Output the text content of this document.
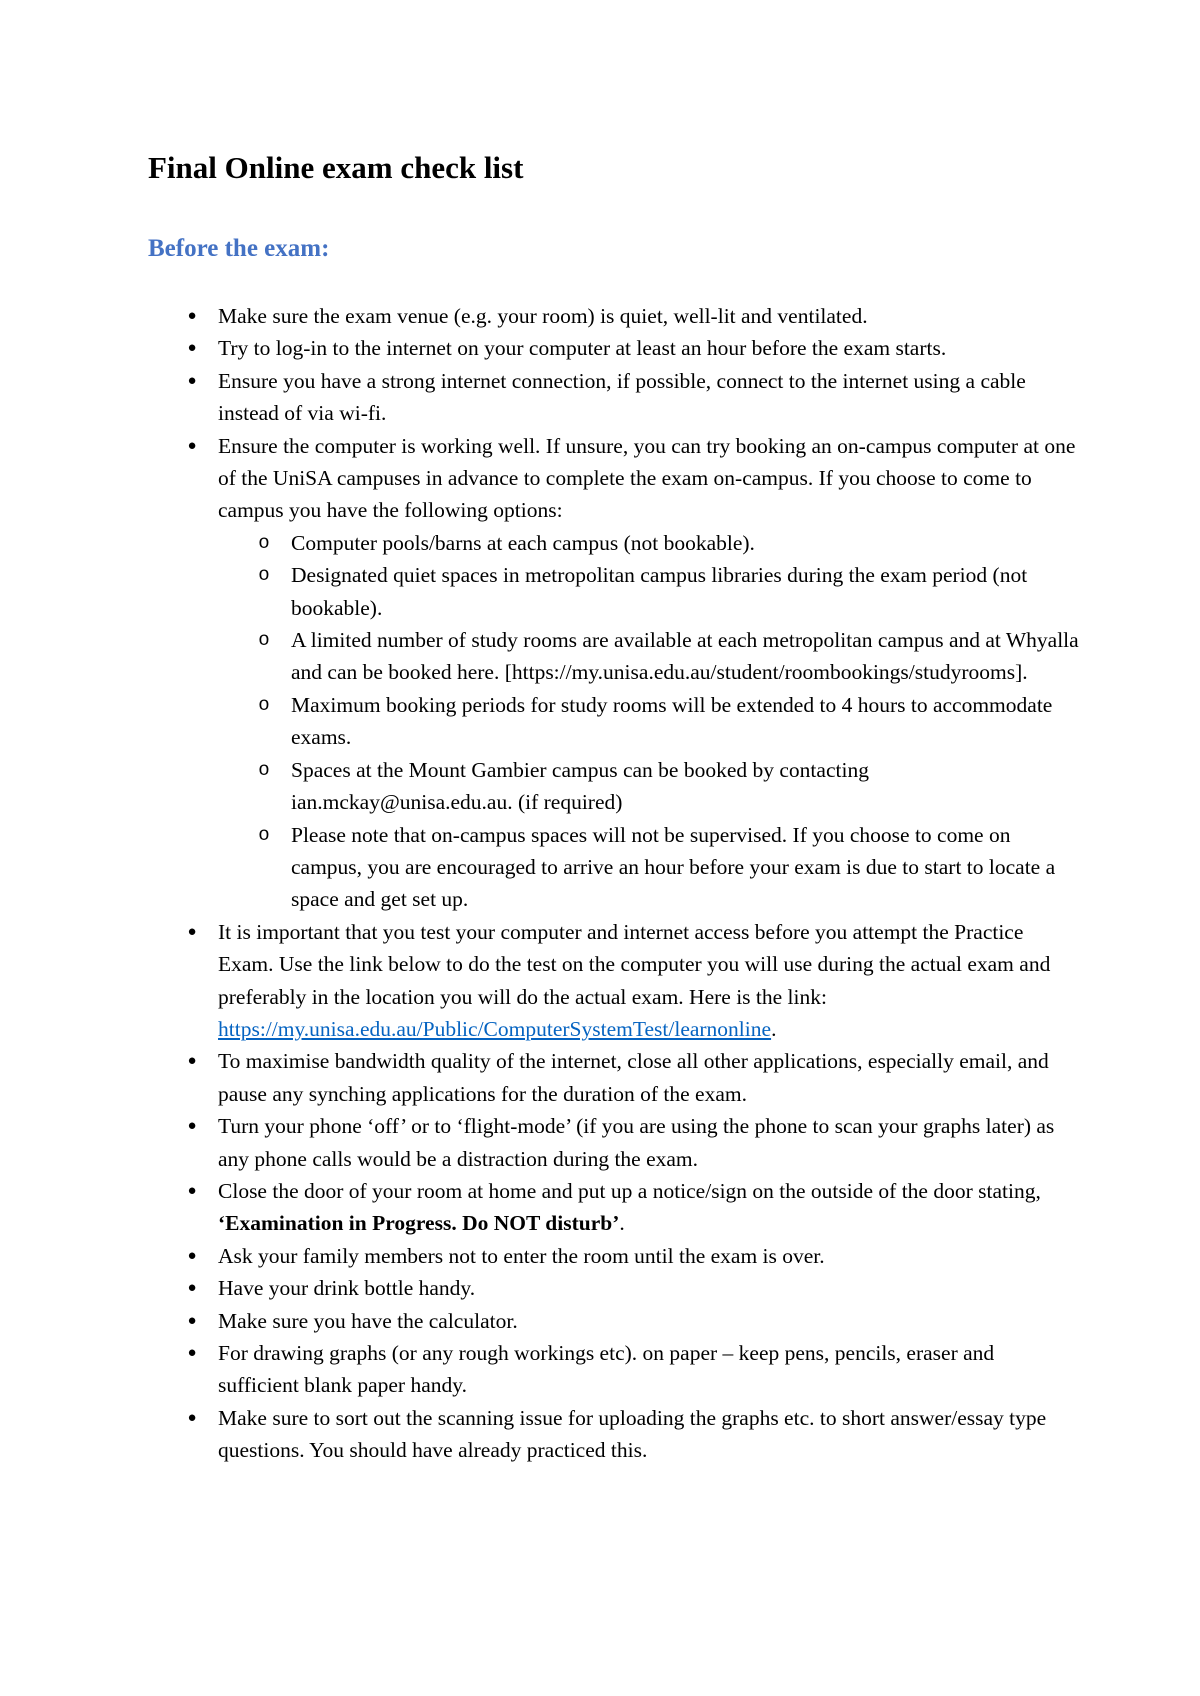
Final Online exam check list
Before the exam:
● Make sure the exam venue (e.g. your room) is quiet, well-lit and ventilated.
● Try to log-in to the internet on your computer at least an hour before the exam starts.
● Ensure you have a strong internet connection, if possible, connect to the internet using a cable instead of via wi-fi.
● Ensure the computer is working well. If unsure, you can try booking an on-campus computer at one of the UniSA campuses in advance to complete the exam on-campus. If you choose to come to campus you have the following options:
o Computer pools/barns at each campus (not bookable).
o Designated quiet spaces in metropolitan campus libraries during the exam period (not bookable).
o A limited number of study rooms are available at each metropolitan campus and at Whyalla and can be booked here. [https://my.unisa.edu.au/student/roombookings/studyrooms].
o Maximum booking periods for study rooms will be extended to 4 hours to accommodate exams.
o Spaces at the Mount Gambier campus can be booked by contacting ian.mckay@unisa.edu.au. (if required)
o Please note that on-campus spaces will not be supervised. If you choose to come on campus, you are encouraged to arrive an hour before your exam is due to start to locate a space and get set up.
● It is important that you test your computer and internet access before you attempt the Practice Exam. Use the link below to do the test on the computer you will use during the actual exam and preferably in the location you will do the actual exam. Here is the link: https://my.unisa.edu.au/Public/ComputerSystemTest/learnonline.
● To maximise bandwidth quality of the internet, close all other applications, especially email, and pause any synching applications for the duration of the exam.
● Turn your phone ‘off’ or to ‘flight-mode’ (if you are using the phone to scan your graphs later) as any phone calls would be a distraction during the exam.
● Close the door of your room at home and put up a notice/sign on the outside of the door stating, ‘Examination in Progress. Do NOT disturb’.
● Ask your family members not to enter the room until the exam is over.
● Have your drink bottle handy.
● Make sure you have the calculator.
● For drawing graphs (or any rough workings etc). on paper – keep pens, pencils, eraser and sufficient blank paper handy.
● Make sure to sort out the scanning issue for uploading the graphs etc. to short answer/essay type questions. You should have already practiced this.
